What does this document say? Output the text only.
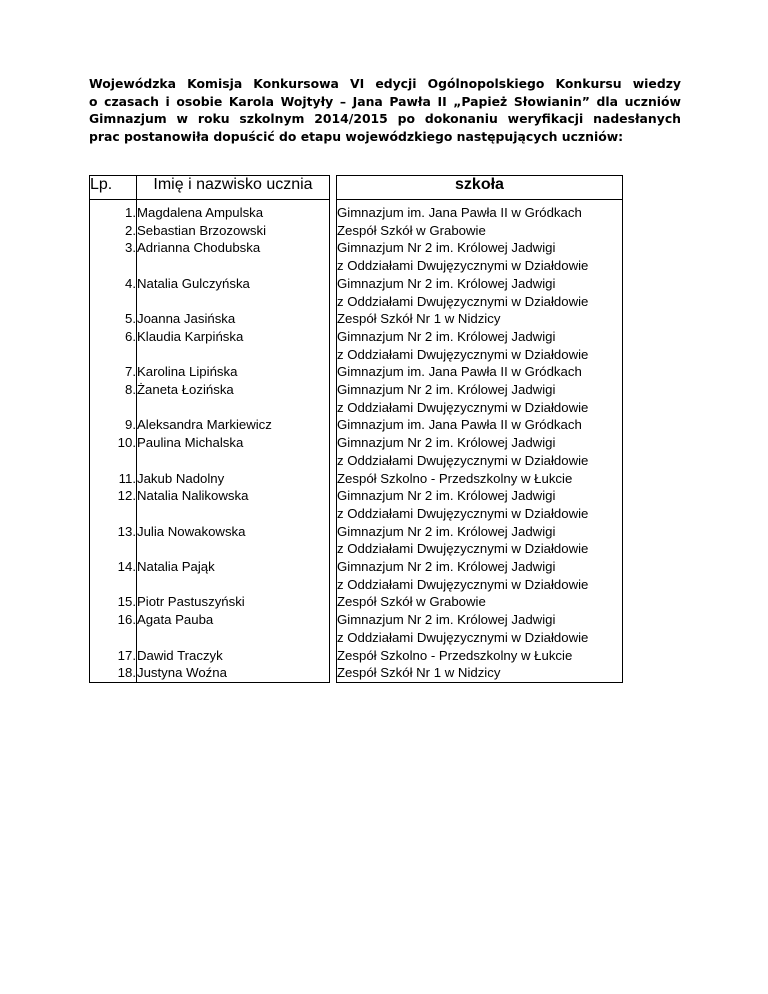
Wojewódzka Komisja Konkursowa VI edycji Ogólnopolskiego Konkursu wiedzy
o czasach i osobie Karola Wojtyły – Jana Pawła II „Papież Słowianin” dla uczniów
Gimnazjum w roku szkolnym 2014/2015 po dokonaniu weryfikacji nadesłanych
prac postanowiła dopuścić do etapu wojewódzkiego następujących uczniów:
Lp.	Imię i nazwisko ucznia		szkoła
1.	Magdalena Ampulska		Gimnazjum im. Jana Pawła II w Gródkach

2.	Sebastian Brzozowski		Zespół Szkół w Grabowie

3.	Adrianna Chodubska		Gimnazjum Nr 2 im. Królowej Jadwigi
z Oddziałami Dwujęzycznymi w Działdowie

4.	Natalia Gulczyńska		Gimnazjum Nr 2 im. Królowej Jadwigi
z Oddziałami Dwujęzycznymi w Działdowie

5.	Joanna Jasińska		Zespół Szkół Nr 1 w Nidzicy

6.	Klaudia Karpińska		Gimnazjum Nr 2 im. Królowej Jadwigi
z Oddziałami Dwujęzycznymi w Działdowie

7.	Karolina Lipińska		Gimnazjum im. Jana Pawła II w Gródkach

8.	Żaneta Łozińska		Gimnazjum Nr 2 im. Królowej Jadwigi
z Oddziałami Dwujęzycznymi w Działdowie

9.	Aleksandra Markiewicz		Gimnazjum im. Jana Pawła II w Gródkach

10.	Paulina Michalska		Gimnazjum Nr 2 im. Królowej Jadwigi
z Oddziałami Dwujęzycznymi w Działdowie

11.	Jakub Nadolny		Zespół Szkolno - Przedszkolny w Łukcie

12.	Natalia Nalikowska		Gimnazjum Nr 2 im. Królowej Jadwigi
z Oddziałami Dwujęzycznymi w Działdowie

13.	Julia Nowakowska		Gimnazjum Nr 2 im. Królowej Jadwigi
z Oddziałami Dwujęzycznymi w Działdowie

14.	Natalia Pająk		Gimnazjum Nr 2 im. Królowej Jadwigi
z Oddziałami Dwujęzycznymi w Działdowie

15.	Piotr Pastuszyński		Zespół Szkół w Grabowie

16.	Agata Pauba		Gimnazjum Nr 2 im. Królowej Jadwigi
z Oddziałami Dwujęzycznymi w Działdowie

17.	Dawid Traczyk		Zespół Szkolno - Przedszkolny w Łukcie

18.	Justyna Woźna		Zespół Szkół Nr 1 w Nidzicy
